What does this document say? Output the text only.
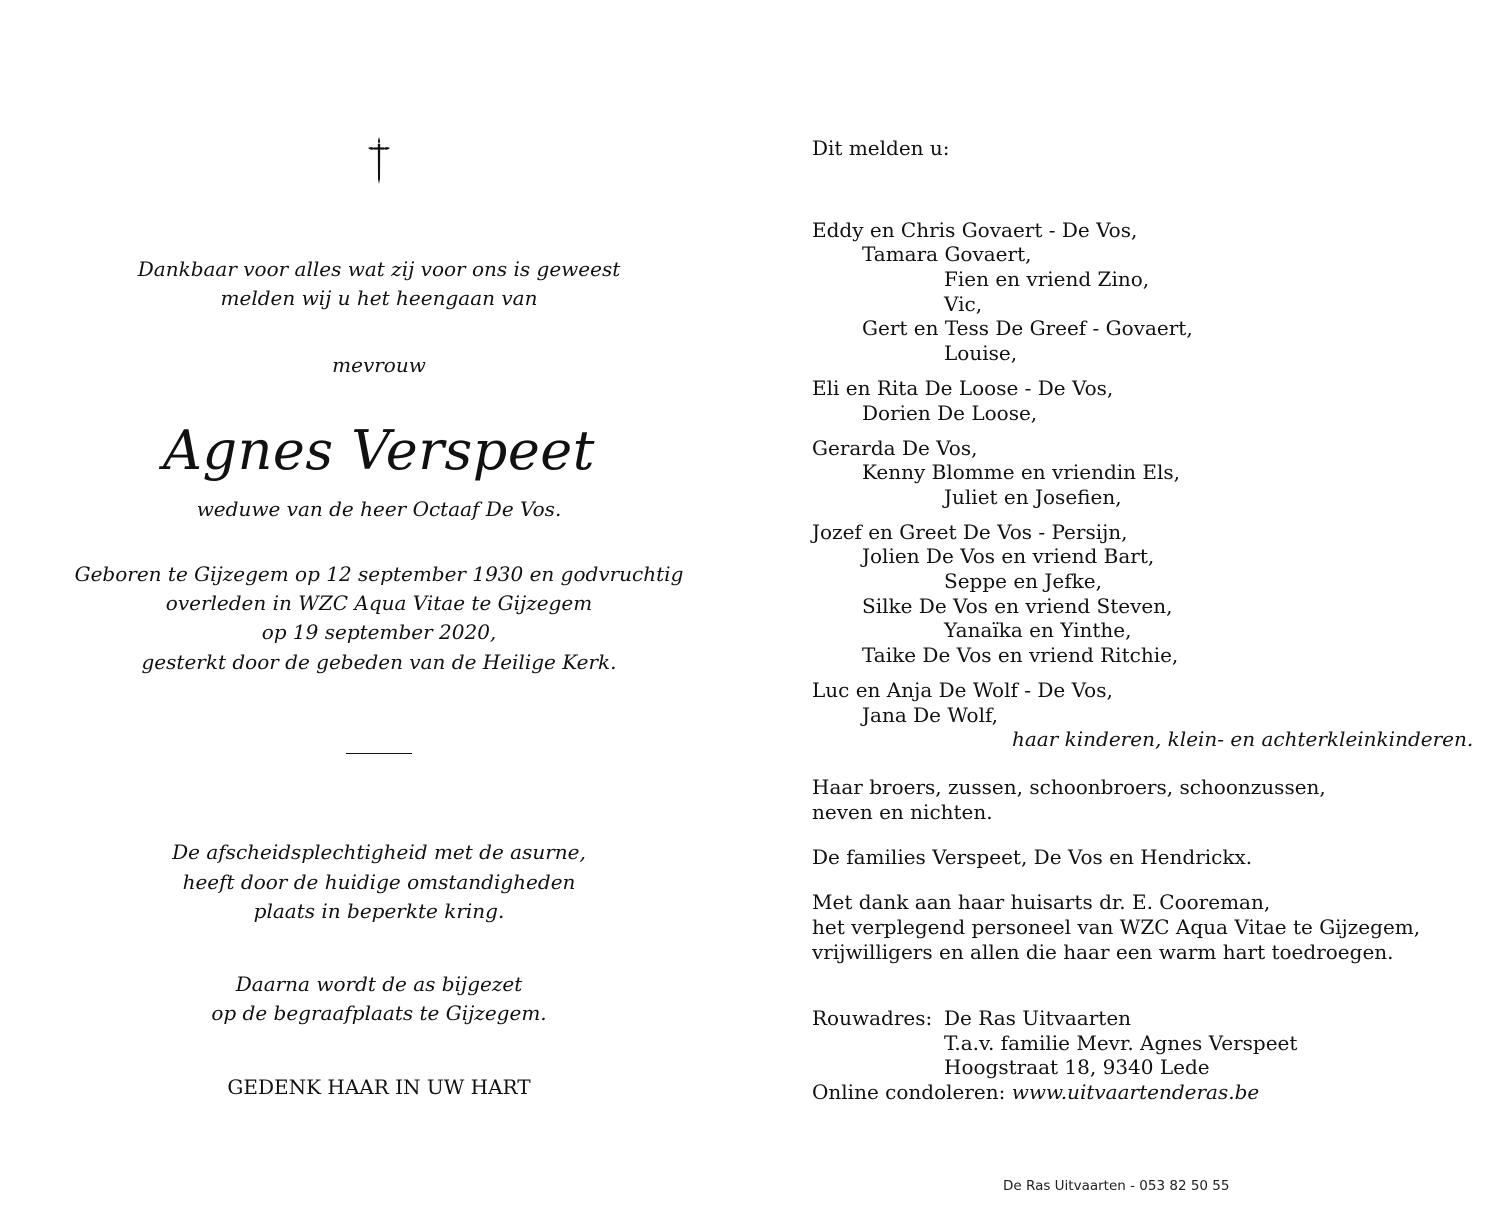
Dankbaar voor alles wat zij voor ons is geweest
melden wij u het heengaan van
mevrouw
Agnes Verspeet
weduwe van de heer Octaaf De Vos.
Geboren te Gijzegem op 12 september 1930 en godvruchtig
overleden in WZC Aqua Vitae te Gijzegem
op 19 september 2020,
gesterkt door de gebeden van de Heilige Kerk.
De afscheidsplechtigheid met de asurne,
heeft door de huidige omstandigheden
plaats in beperkte kring.
Daarna wordt de as bijgezet
op de begraafplaats te Gijzegem.
GEDENK HAAR IN UW HART
Dit melden u:
Eddy en Chris Govaert - De Vos,
Tamara Govaert,
Fien en vriend Zino,
Vic,
Gert en Tess De Greef - Govaert,
Louise,
Eli en Rita De Loose - De Vos,
Dorien De Loose,
Gerarda De Vos,
Kenny Blomme en vriendin Els,
Juliet en Josefien,
Jozef en Greet De Vos - Persijn,
Jolien De Vos en vriend Bart,
Seppe en Jefke,
Silke De Vos en vriend Steven,
Yanaïka en Yinthe,
Taike De Vos en vriend Ritchie,
Luc en Anja De Wolf - De Vos,
Jana De Wolf,
haar kinderen, klein- en achterkleinkinderen.
Haar broers, zussen, schoonbroers, schoonzussen,
neven en nichten.
De families Verspeet, De Vos en Hendrickx.
Met dank aan haar huisarts dr. E. Cooreman,
het verplegend personeel van WZC Aqua Vitae te Gijzegem,
vrijwilligers en allen die haar een warm hart toedroegen.
Rouwadres: De Ras Uitvaarten
T.a.v. familie Mevr. Agnes Verspeet
Hoogstraat 18, 9340 Lede
Online condoleren: www.uitvaartenderas.be
De Ras Uitvaarten - 053 82 50 55
